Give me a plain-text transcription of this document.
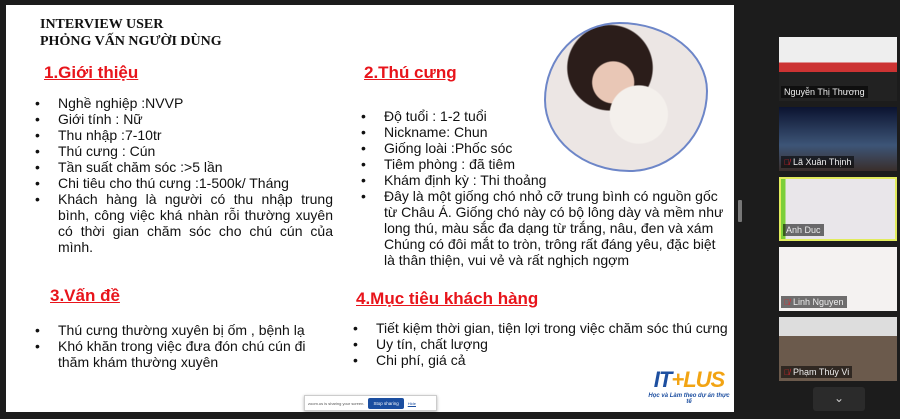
INTERVIEW USER
PHỎNG VẤN NGƯỜI DÙNG
1.Giới thiệu
• Nghề nghiệp :NVVP
• Giới tính : Nữ
• Thu nhập :7-10tr
• Thú cưng : Cún
• Tần suất chăm sóc :>5 lần
• Chi tiêu cho thú cưng :1-500k/ Tháng
• Khách hàng là người có thu nhập trung bình, công việc khá nhàn rỗi thường xuyên có thời gian chăm sóc cho chú cún của mình.
2.Thú cưng
• Độ tuổi : 1-2 tuổi
• Nickname: Chun
• Giống loài :Phốc sóc
• Tiêm phòng : đã tiêm
• Khám định kỳ : Thi thoảng
• Đây là một giống chó nhỏ cỡ trung bình có nguồn gốc từ Châu Á. Giống chó này có bộ lông dày và mềm như long thú, màu sắc đa dạng từ trắng, nâu, đen và xám Chúng có đôi mắt to tròn, trông rất đáng yêu, đặc biệt là thân thiện, vui vẻ và rất nghịch ngợm
3.Vấn đề
• Thú cưng thường xuyên bị ốm , bệnh lạ
• Khó khăn trong việc đưa đón chú cún đi thăm khám thường xuyên
4.Mục tiêu khách hàng
• Tiết kiệm thời gian, tiện lợi trong việc chăm sóc thú cưng
• Uy tín, chất lượng
• Chi phí, giá cả
IT+LUS
Học và Làm theo dự án thực tế
zoom.us is sharing your screen.	Stop sharing	Hide
Nguyễn Thị Thương
🎙̸ Lã Xuân Thịnh
Anh Duc
🎙̸ Linh Nguyen
🎙̸ Phạm Thúy Vi
⌄
